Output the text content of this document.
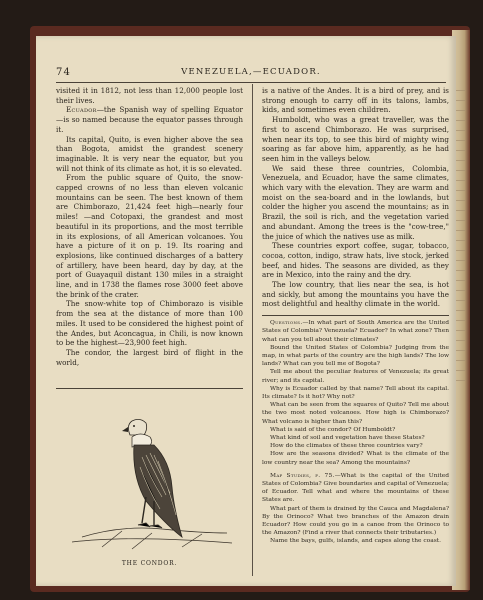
74	VENEZUELA,—ECUADOR.

visited it in 1812, not less than 12,000 people lost their lives.

Ecuador—the Spanish way of spelling Equator —is so named because the equator passes through it.

Its capital, Quito, is even higher above the sea than Bogota, amidst the grandest scenery imaginable. It is very near the equator, but you will not think of its climate as hot, it is so elevated.

From the public square of Quito, the snow-capped crowns of no less than eleven volcanic mountains can be seen. The best known of them are Chimborazo, 21,424 feet high—nearly four miles! —and Cotopaxi, the grandest and most beautiful in its proportions, and the most terrible in its explosions, of all American volcanoes. You have a picture of it on p. 19. Its roaring and explosions, like continued discharges of a battery of artillery, have been heard, day by day, at the port of Guayaquil distant 130 miles in a straight line, and in 1738 the flames rose 3000 feet above the brink of the crater.

The snow-white top of Chimborazo is visible from the sea at the distance of more than 100 miles. It used to be considered the highest point of the Andes, but Aconcagua, in Chili, is now known to be the highest—23,900 feet high.

The condor, the largest bird of flight in the world,

THE CONDOR.

is a native of the Andes. It is a bird of prey, and is strong enough to carry off in its talons, lambs, kids, and sometimes even children.

Humboldt, who was a great traveller, was the first to ascend Chimborazo. He was surprised, when near its top, to see this bird of mighty wing soaring as far above him, apparently, as he had seen him in the valleys below.

We said these three countries, Colombia, Venezuela, and Ecuador, have the same climates, which vary with the elevation. They are warm and moist on the sea-board and in the lowlands, but colder the higher you ascend the mountains; as in Brazil, the soil is rich, and the vegetation varied and abundant. Among the trees is the "cow-tree," the juice of which the natives use as milk.

These countries export coffee, sugar, tobacco, cocoa, cotton, indigo, straw hats, live stock, jerked beef, and hides. The seasons are divided, as they are in Mexico, into the rainy and the dry.

The low country, that lies near the sea, is hot and sickly, but among the mountains you have the most delightful and healthy climate in the world.

Questions.—In what part of South America are the United States of Colombia? Venezuela? Ecuador? In what zone? Then what can you tell about their climates?

Bound the United States of Colombia? Judging from the map, in what parts of the country are the high lands? The low lands? What can you tell me of Bogota?

Tell me about the peculiar features of Venezuela; its great river; and its capital.

Why is Ecuador called by that name? Tell about its capital. Its climate? Is it hot? Why not?

What can be seen from the squares of Quito? Tell me about the two most noted volcanoes. How high is Chimborazo? What volcano is higher than this?

What is said of the condor? Of Humboldt?

What kind of soil and vegetation have these States?

How do the climates of these three countries vary?

How are the seasons divided? What is the climate of the low country near the sea? Among the mountains?

Map Studies, p. 75.—What is the capital of the United States of Colombia? Give boundaries and capital of Venezuela; of Ecuador. Tell what and where the mountains of these States are.

What part of them is drained by the Cauca and Magdalena? By the Orinoco? What two branches of the Amazon drain Ecuador? How could you go in a canoe from the Orinoco to the Amazon? (Find a river that connects their tributaries.)

Name the bays, gulfs, islands, and capes along the coast.
